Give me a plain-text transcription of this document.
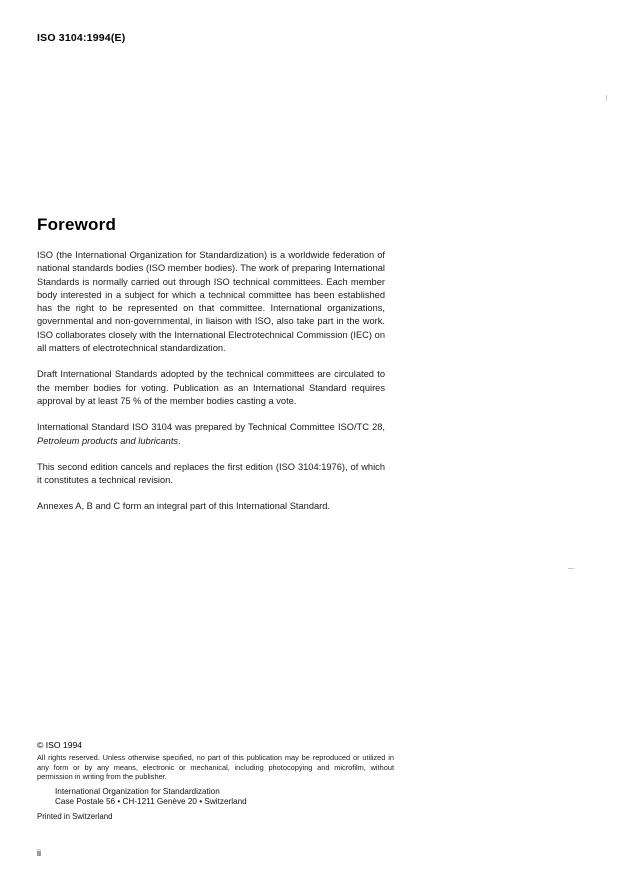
ISO 3104:1994(E)
Foreword

ISO (the International Organization for Standardization) is a worldwide federation of national standards bodies (ISO member bodies). The work of preparing International Standards is normally carried out through ISO technical committees. Each member body interested in a subject for which a technical committee has been established has the right to be represented on that committee. International organizations, governmental and non-governmental, in liaison with ISO, also take part in the work. ISO collaborates closely with the International Electrotechnical Commission (IEC) on all matters of electrotechnical standardization.

Draft International Standards adopted by the technical committees are circulated to the member bodies for voting. Publication as an International Standard requires approval by at least 75 % of the member bodies casting a vote.

International Standard ISO 3104 was prepared by Technical Committee ISO/TC 28, Petroleum products and lubricants.

This second edition cancels and replaces the first edition (ISO 3104:1976), of which it constitutes a technical revision.

Annexes A, B and C form an integral part of this International Standard.

© ISO 1994
All rights reserved. Unless otherwise specified, no part of this publication may be reproduced or utilized in any form or by any means, electronic or mechanical, including photocopying and microfilm, without permission in writing from the publisher.
International Organization for Standardization
Case Postale 56 • CH-1211 Genève 20 • Switzerland
Printed in Switzerland
ii
